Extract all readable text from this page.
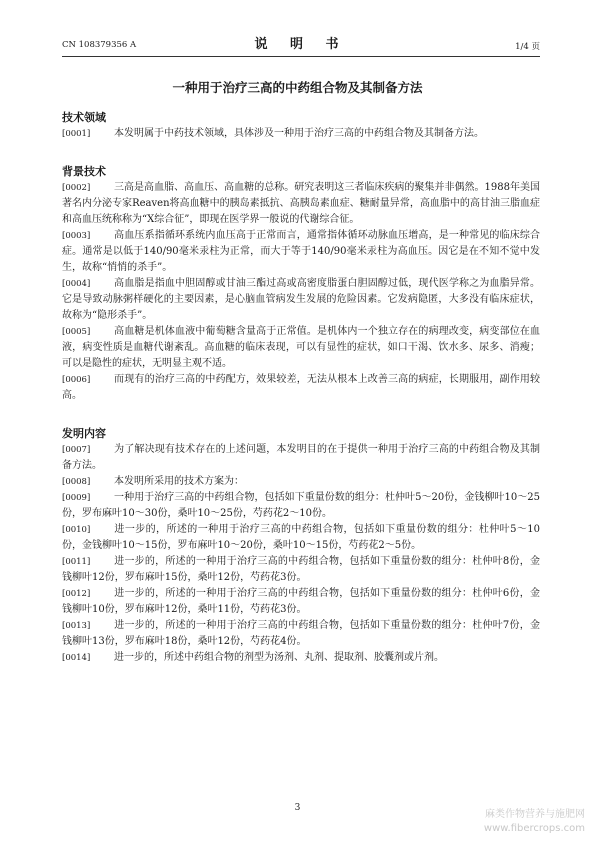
CN 108379356 A	说 明 书	1/4 页
一种用于治疗三高的中药组合物及其制备方法
技术领域

[0001] 本发明属于中药技术领域，具体涉及一种用于治疗三高的中药组合物及其制备方法。

背景技术

[0002] 三高是高血脂、高血压、高血糖的总称。研究表明这三者临床疾病的聚集并非偶然。1988年美国著名内分泌专家Reaven将高血糖中的胰岛素抵抗、高胰岛素血症、糖耐量异常，高血脂中的高甘油三脂血症和高血压统称称为“X综合征”，即现在医学界一般说的代谢综合征。

[0003] 高血压系指循环系统内血压高于正常而言，通常指体循环动脉血压增高，是一种常见的临床综合症。通常是以低于140/90毫米汞柱为正常，而大于等于140/90毫米汞柱为高血压。因它是在不知不觉中发生，故称“悄悄的杀手”。

[0004] 高血脂是指血中胆固醇或甘油三酯过高或高密度脂蛋白胆固醇过低，现代医学称之为血脂异常。它是导致动脉粥样硬化的主要因素，是心脑血管病发生发展的危险因素。它发病隐匿，大多没有临床症状，故称为“隐形杀手”。

[0005] 高血糖是机体血液中葡萄糖含量高于正常值。是机体内一个独立存在的病理改变，病变部位在血液，病变性质是血糖代谢紊乱。高血糖的临床表现，可以有显性的症状，如口干渴、饮水多、尿多、消瘦；可以是隐性的症状，无明显主观不适。

[0006] 而现有的治疗三高的中药配方，效果较差，无法从根本上改善三高的病症，长期服用，副作用较高。

发明内容

[0007] 为了解决现有技术存在的上述问题，本发明目的在于提供一种用于治疗三高的中药组合物及其制备方法。

[0008] 本发明所采用的技术方案为：

[0009] 一种用于治疗三高的中药组合物，包括如下重量份数的组分：杜仲叶5～20份，金钱柳叶10～25份，罗布麻叶10～30份，桑叶10～25份，芍药花2～10份。

[0010] 进一步的，所述的一种用于治疗三高的中药组合物，包括如下重量份数的组分：杜仲叶5～10份，金钱柳叶10～15份，罗布麻叶10～20份，桑叶10～15份，芍药花2～5份。

[0011] 进一步的，所述的一种用于治疗三高的中药组合物，包括如下重量份数的组分：杜仲叶8份，金钱柳叶12份，罗布麻叶15份，桑叶12份，芍药花3份。

[0012] 进一步的，所述的一种用于治疗三高的中药组合物，包括如下重量份数的组分：杜仲叶6份，金钱柳叶10份，罗布麻叶12份，桑叶11份，芍药花3份。

[0013] 进一步的，所述的一种用于治疗三高的中药组合物，包括如下重量份数的组分：杜仲叶7份，金钱柳叶13份，罗布麻叶18份，桑叶12份，芍药花4份。

[0014] 进一步的，所述中药组合物的剂型为汤剂、丸剂、提取剂、胶囊剂或片剂。

3
麻类作物营养与施肥网
www.fibercrops.com
